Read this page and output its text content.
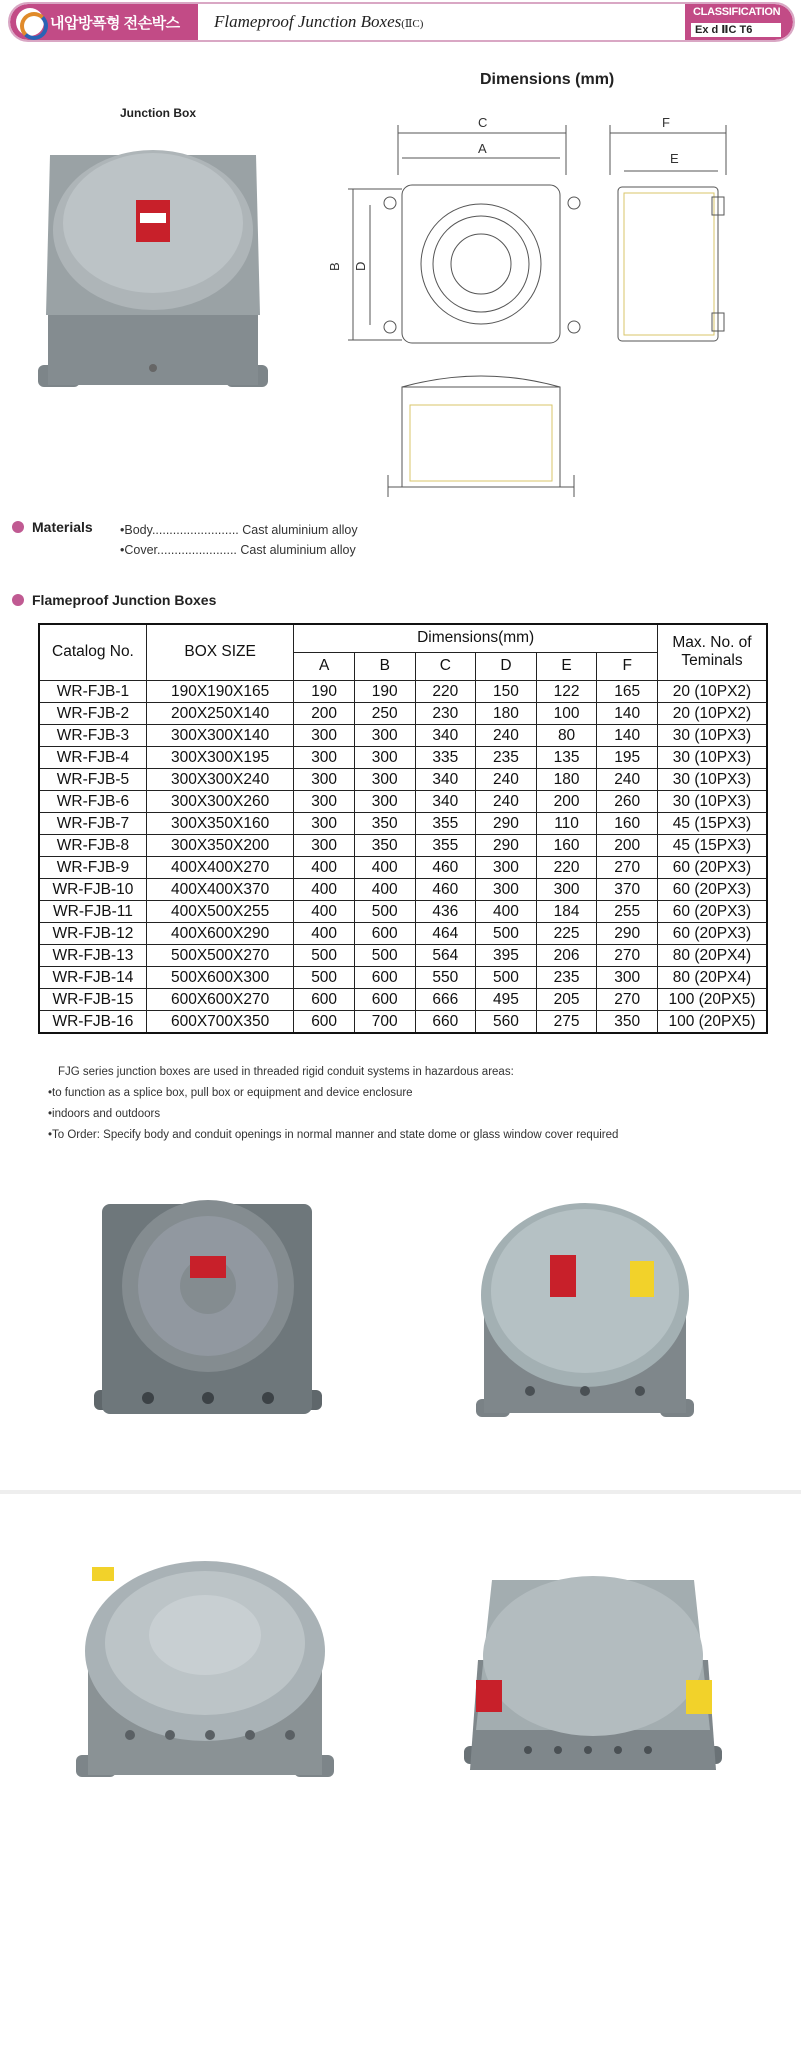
내압방폭형 전손박스 Flameproof Junction Boxes(ⅡC)
CLASSIFICATION
Ex d ⅡC T6
Dimensions (mm)
Junction Box
C
A
F
E
B D
Materials •Body......................... Cast aluminium alloy
•Cover....................... Cast aluminium alloy
Flameproof Junction Boxes
Catalog No.	BOX SIZE	Dimensions(mm)						Max. No. of Teminals
		A	B	C	D	E	F	
WR-FJB-1	190X190X165	190	190	220	150	122	165	20 (10PX2)
WR-FJB-2	200X250X140	200	250	230	180	100	140	20 (10PX2)
WR-FJB-3	300X300X140	300	300	340	240	80	140	30 (10PX3)
WR-FJB-4	300X300X195	300	300	335	235	135	195	30 (10PX3)
WR-FJB-5	300X300X240	300	300	340	240	180	240	30 (10PX3)
WR-FJB-6	300X300X260	300	300	340	240	200	260	30 (10PX3)
WR-FJB-7	300X350X160	300	350	355	290	110	160	45 (15PX3)
WR-FJB-8	300X350X200	300	350	355	290	160	200	45 (15PX3)
WR-FJB-9	400X400X270	400	400	460	300	220	270	60 (20PX3)
WR-FJB-10	400X400X370	400	400	460	300	300	370	60 (20PX3)
WR-FJB-11	400X500X255	400	500	436	400	184	255	60 (20PX3)
WR-FJB-12	400X600X290	400	600	464	500	225	290	60 (20PX3)
WR-FJB-13	500X500X270	500	500	564	395	206	270	80 (20PX4)
WR-FJB-14	500X600X300	500	600	550	500	235	300	80 (20PX4)
WR-FJB-15	600X600X270	600	600	666	495	205	270	100 (20PX5)
WR-FJB-16	600X700X350	600	700	660	560	275	350	100 (20PX5)
FJG series junction boxes are used in threaded rigid conduit systems in hazardous areas:
•to function as a splice box, pull box or equipment and device enclosure
•indoors and outdoors
•To Order: Specify body and conduit openings in normal manner and state dome or glass window cover required
